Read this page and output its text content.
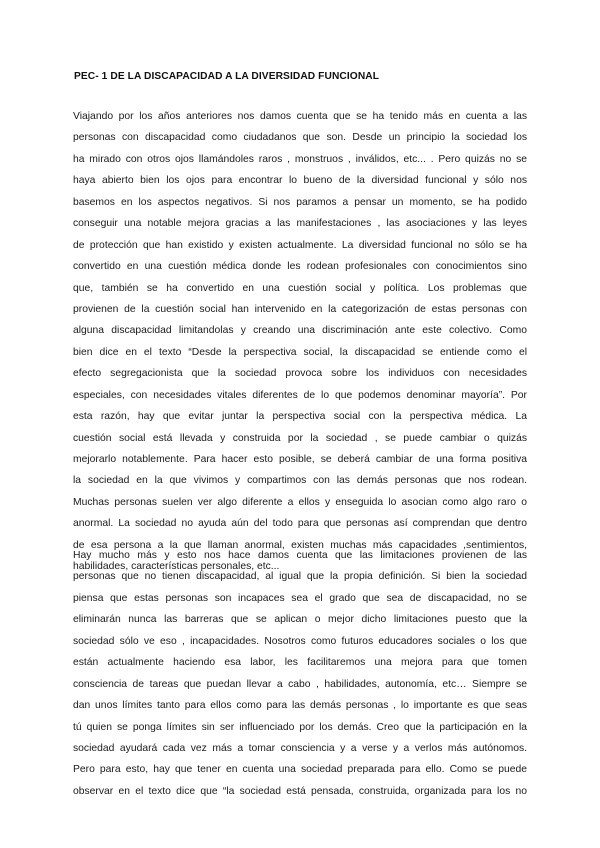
PEC- 1 DE LA DISCAPACIDAD A LA DIVERSIDAD FUNCIONAL
Viajando por los años anteriores nos damos cuenta que se ha tenido más en cuenta a las
personas con discapacidad como ciudadanos que son. Desde un principio la sociedad los
ha mirado con otros ojos llamándoles raros , monstruos , inválidos, etc... . Pero quizás no se
haya abierto bien los ojos para encontrar lo bueno de la diversidad funcional y sólo nos
basemos en los aspectos negativos. Si nos paramos a pensar un momento, se ha podido
conseguir una notable mejora gracias a las manifestaciones , las asociaciones y las leyes
de protección que han existido y existen actualmente. La diversidad funcional no sólo se ha
convertido en una cuestión médica donde les rodean profesionales con conocimientos sino
que, también se ha convertido en una cuestión social y política. Los problemas que
provienen de la cuestión social han intervenido en la categorización de estas personas con
alguna discapacidad limitandolas y creando una discriminación ante este colectivo. Como
bien dice en el texto “Desde la perspectiva social, la discapacidad se entiende como el
efecto segregacionista que la sociedad provoca sobre los individuos con necesidades
especiales, con necesidades vitales diferentes de lo que podemos denominar mayoría”. Por
esta razón, hay que evitar juntar la perspectiva social con la perspectiva médica. La
cuestión social está llevada y construida por la sociedad , se puede cambiar o quizás
mejorarlo notablemente. Para hacer esto posible, se deberá cambiar de una forma positiva
la sociedad en la que vivimos y compartimos con las demás personas que nos rodean.
Muchas personas suelen ver algo diferente a ellos y enseguida lo asocian como algo raro o
anormal. La sociedad no ayuda aún del todo para que personas así comprendan que dentro
de esa persona a la que llaman anormal, existen muchas más capacidades ,sentimientos,
habilidades, características personales, etc...
Hay mucho más y esto nos hace damos cuenta que las limitaciones provienen de las
personas que no tienen discapacidad, al igual que la propia definición. Si bien la sociedad
piensa que estas personas son incapaces sea el grado que sea de discapacidad, no se
eliminarán nunca las barreras que se aplican o mejor dicho limitaciones puesto que la
sociedad sólo ve eso , incapacidades. Nosotros como futuros educadores sociales o los que
están actualmente haciendo esa labor, les facilitaremos una mejora para que tomen
consciencia de tareas que puedan llevar a cabo , habilidades, autonomía, etc… Siempre se
dan unos límites tanto para ellos como para las demás personas , lo importante es que seas
tú quien se ponga límites sin ser influenciado por los demás. Creo que la participación en la
sociedad ayudará cada vez más a tomar consciencia y a verse y a verlos más autónomos.
Pero para esto, hay que tener en cuenta una sociedad preparada para ello. Como se puede
observar en el texto dice que “la sociedad está pensada, construida, organizada para los no
